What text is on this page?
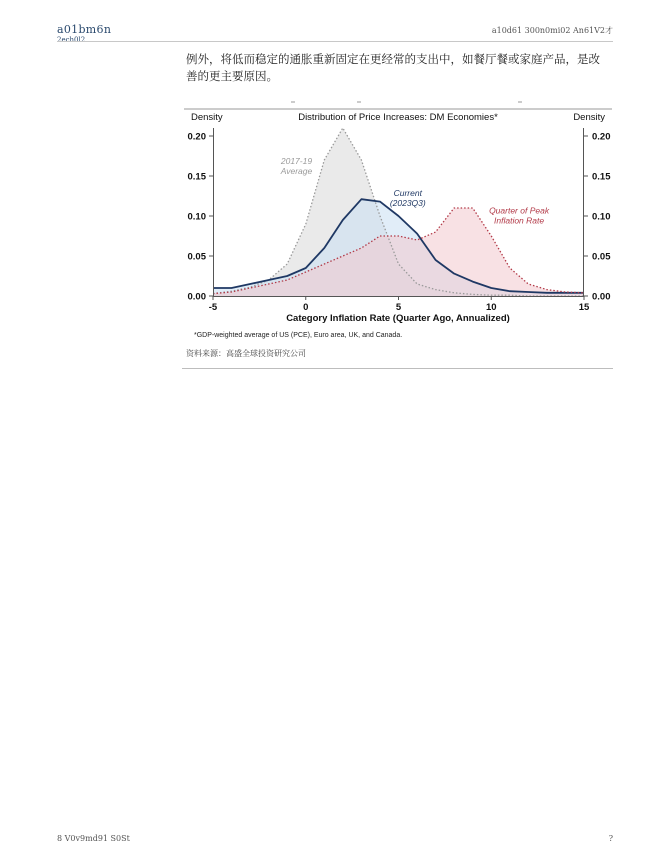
a01bm6n
2ech0l2
a10d61 300n0mi02 An61V2才

例外，将低而稳定的通胀重新固定在更经常的支出中，如餐厅餐或家庭产品，是改善的更主要原因。

Distribution of Price Increases: DM Economies*
Density	Density
-5	0	5	10	15
0.00	0.00
0.05	0.05
0.10	0.10
0.15	0.15
0.20	0.20
2017-19 Average
Current (2023Q3)
Quarter of Peak Inflation Rate
Category Inflation Rate (Quarter Ago, Annualized)
*GDP-weighted average of US (PCE), Euro area, UK, and Canada.
资料来源：高盛全球投资研究公司
8 V0v9md91 S0St	?
